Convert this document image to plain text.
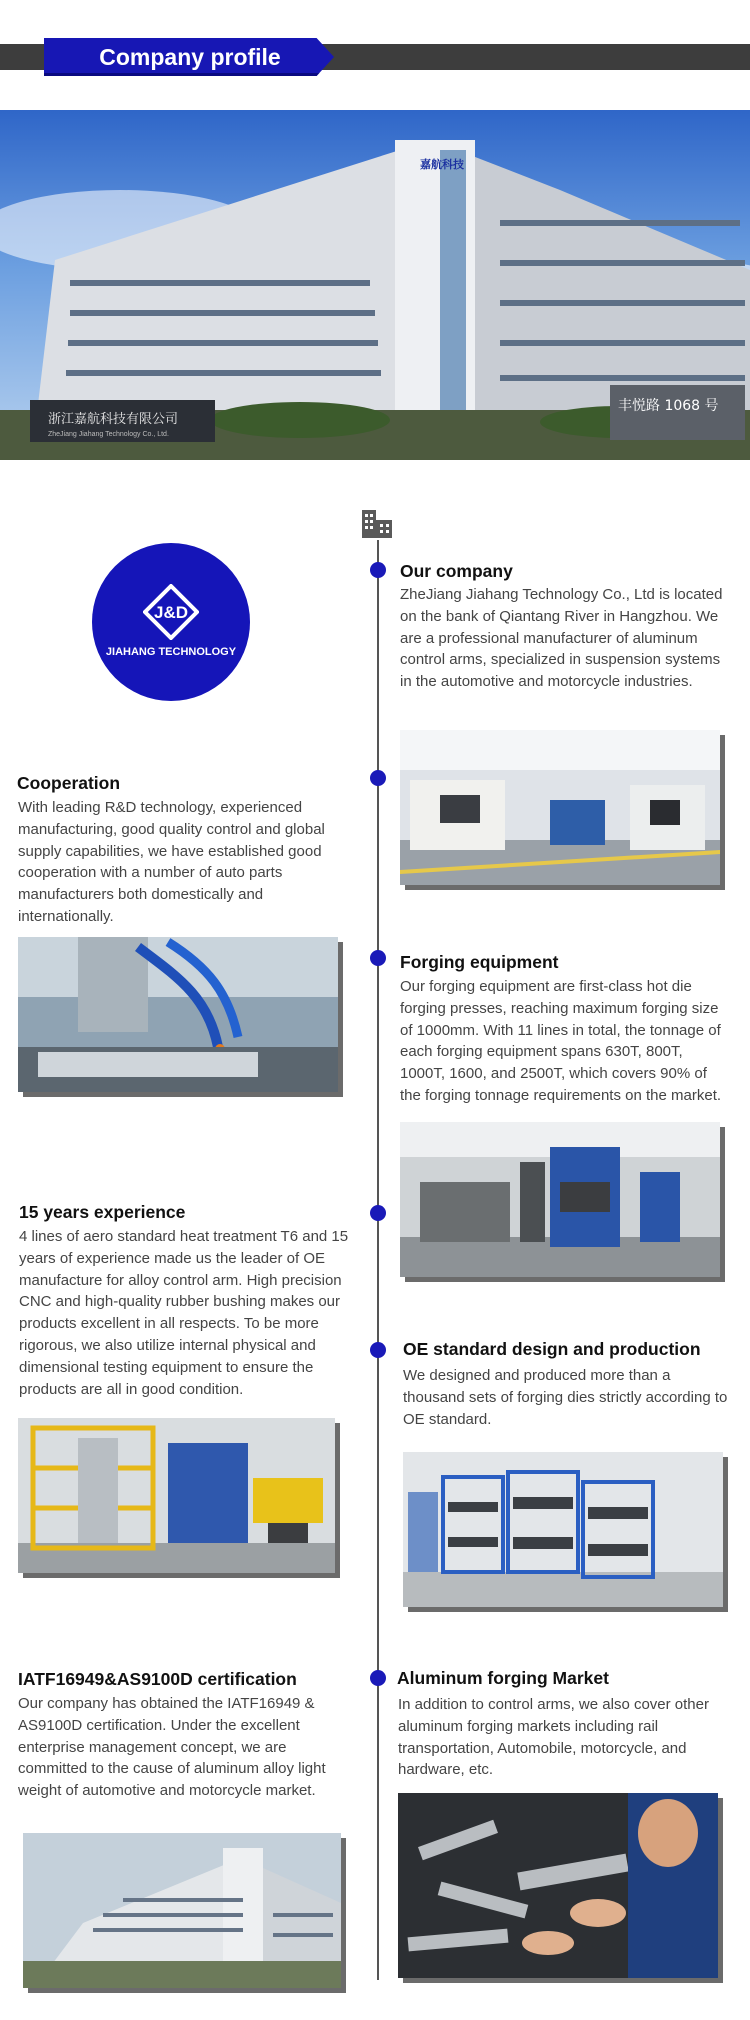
Company profile
浙江嘉航科技有限公司
ZheJiang Jiahang Technology Co., Ltd.
丰悦路 1068 号
嘉航科技
J&D
JIAHANG TECHNOLOGY
Our company
ZheJiang Jiahang Technology Co., Ltd is located on the bank of Qiantang River in Hangzhou. We are a professional manufacturer of aluminum control arms, specialized in suspension systems in the automotive and motorcycle industries.
Cooperation
With leading R&D technology, experienced manufacturing, good quality control and global supply capabilities, we have established good cooperation with a number of auto parts manufacturers both domestically and internationally.
Forging equipment
Our forging equipment are first-class hot die forging presses, reaching maximum forging size of 1000mm. With 11 lines in total, the tonnage of each forging equipment spans 630T, 800T, 1000T, 1600, and 2500T, which covers 90% of the forging tonnage requirements on the market.
15 years experience
4 lines of aero standard heat treatment T6 and 15 years of experience made us the leader of OE manufacture for alloy control arm. High precision CNC and high-quality rubber bushing makes our products excellent in all respects. To be more rigorous, we also utilize internal physical and dimensional testing equipment to ensure the products are all in good condition.
OE standard design and production
We designed and produced more than a thousand sets of forging dies strictly according to OE standard.
IATF16949&AS9100D certification
Our company has obtained the IATF16949 & AS9100D certification. Under the excellent enterprise management concept, we are committed to the cause of aluminum alloy light weight of automotive and motorcycle market.
Aluminum forging Market
In addition to control arms, we also cover other aluminum forging markets including rail transportation, Automobile, motorcycle, and hardware, etc.
